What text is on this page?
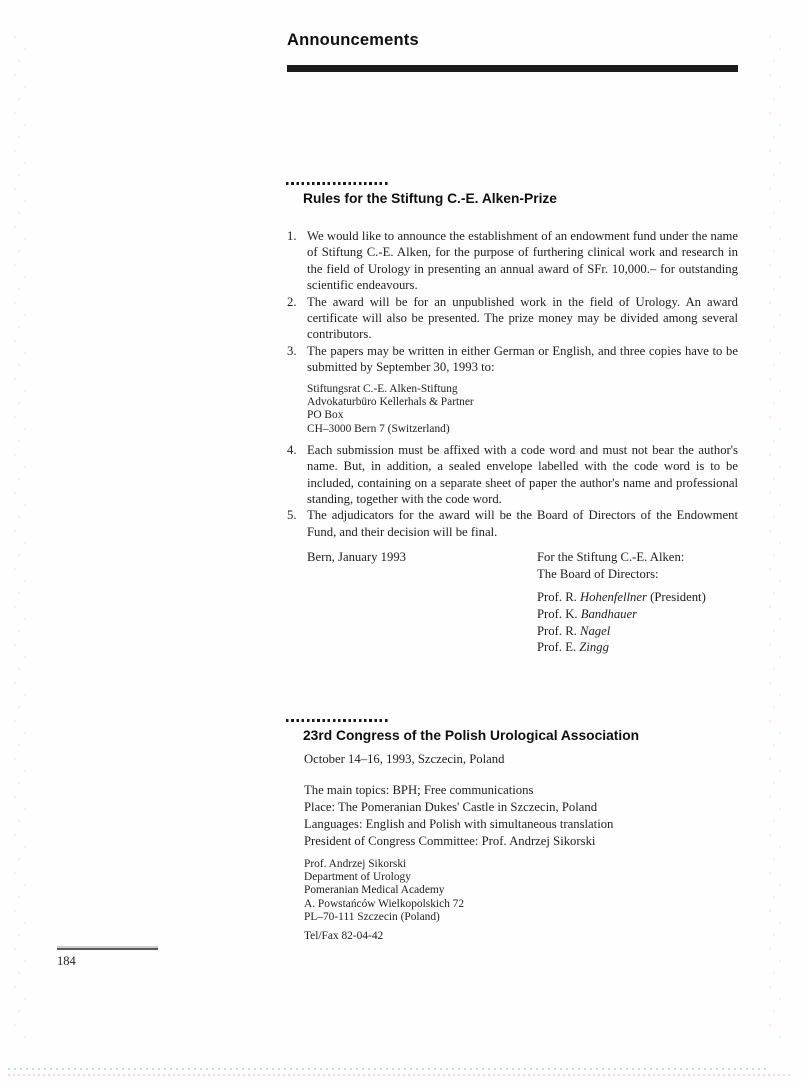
Announcements
Rules for the Stiftung C.-E. Alken-Prize
1. We would like to announce the establishment of an endowment fund under the name of Stiftung C.-E. Alken, for the purpose of furthering clinical work and research in the field of Urology in presenting an annual award of SFr. 10,000.– for outstanding scientific endeavours.
2. The award will be for an unpublished work in the field of Urology. An award certificate will also be presented. The prize money may be divided among several contributors.
3. The papers may be written in either German or English, and three copies have to be submitted by September 30, 1993 to:
Stiftungsrat C.-E. Alken-Stiftung
Advokaturbüro Kellerhals & Partner
PO Box
CH–3000 Bern 7 (Switzerland)
4. Each submission must be affixed with a code word and must not bear the author's name. But, in addition, a sealed envelope labelled with the code word is to be included, containing on a separate sheet of paper the author's name and professional standing, together with the code word.
5. The adjudicators for the award will be the Board of Directors of the Endowment Fund, and their decision will be final.
Bern, January 1993	For the Stiftung C.-E. Alken:
The Board of Directors:
Prof. R. Hohenfellner (President)
Prof. K. Bandhauer
Prof. R. Nagel
Prof. E. Zingg
23rd Congress of the Polish Urological Association
October 14–16, 1993, Szczecin, Poland
The main topics: BPH; Free communications
Place: The Pomeranian Dukes' Castle in Szczecin, Poland
Languages: English and Polish with simultaneous translation
President of Congress Committee: Prof. Andrzej Sikorski
Prof. Andrzej Sikorski
Department of Urology
Pomeranian Medical Academy
A. Powstańców Wielkopolskich 72
PL–70-111 Szczecin (Poland)
Tel/Fax 82-04-42
184
